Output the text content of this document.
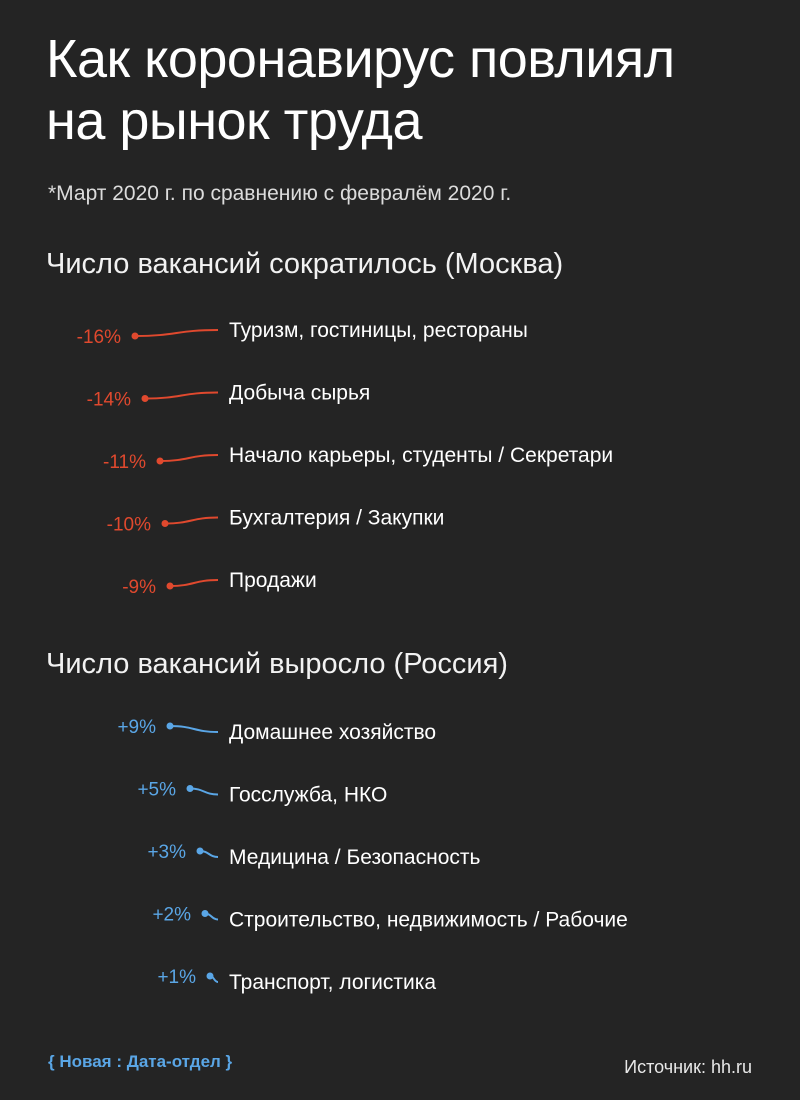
Как коронавирус повлиял
на рынок труда
*Март 2020 г. по сравнению с февралём 2020 г.
Число вакансий сократилось (Москва)
Число вакансий выросло (Россия)
-16%	Туризм, гостиницы, рестораны
-14%	Добыча сырья
-11%	Начало карьеры, студенты / Секретари
-10%	Бухгалтерия / Закупки
-9%	Продажи
+9%	Домашнее хозяйство
+5%	Госслужба, НКО
+3% Медицина / Безопасность
+2% Строительство, недвижимость / Рабочие
+1% Транспорт, логистика
{ Новая : Дата-отдел }	Источник: hh.ru
